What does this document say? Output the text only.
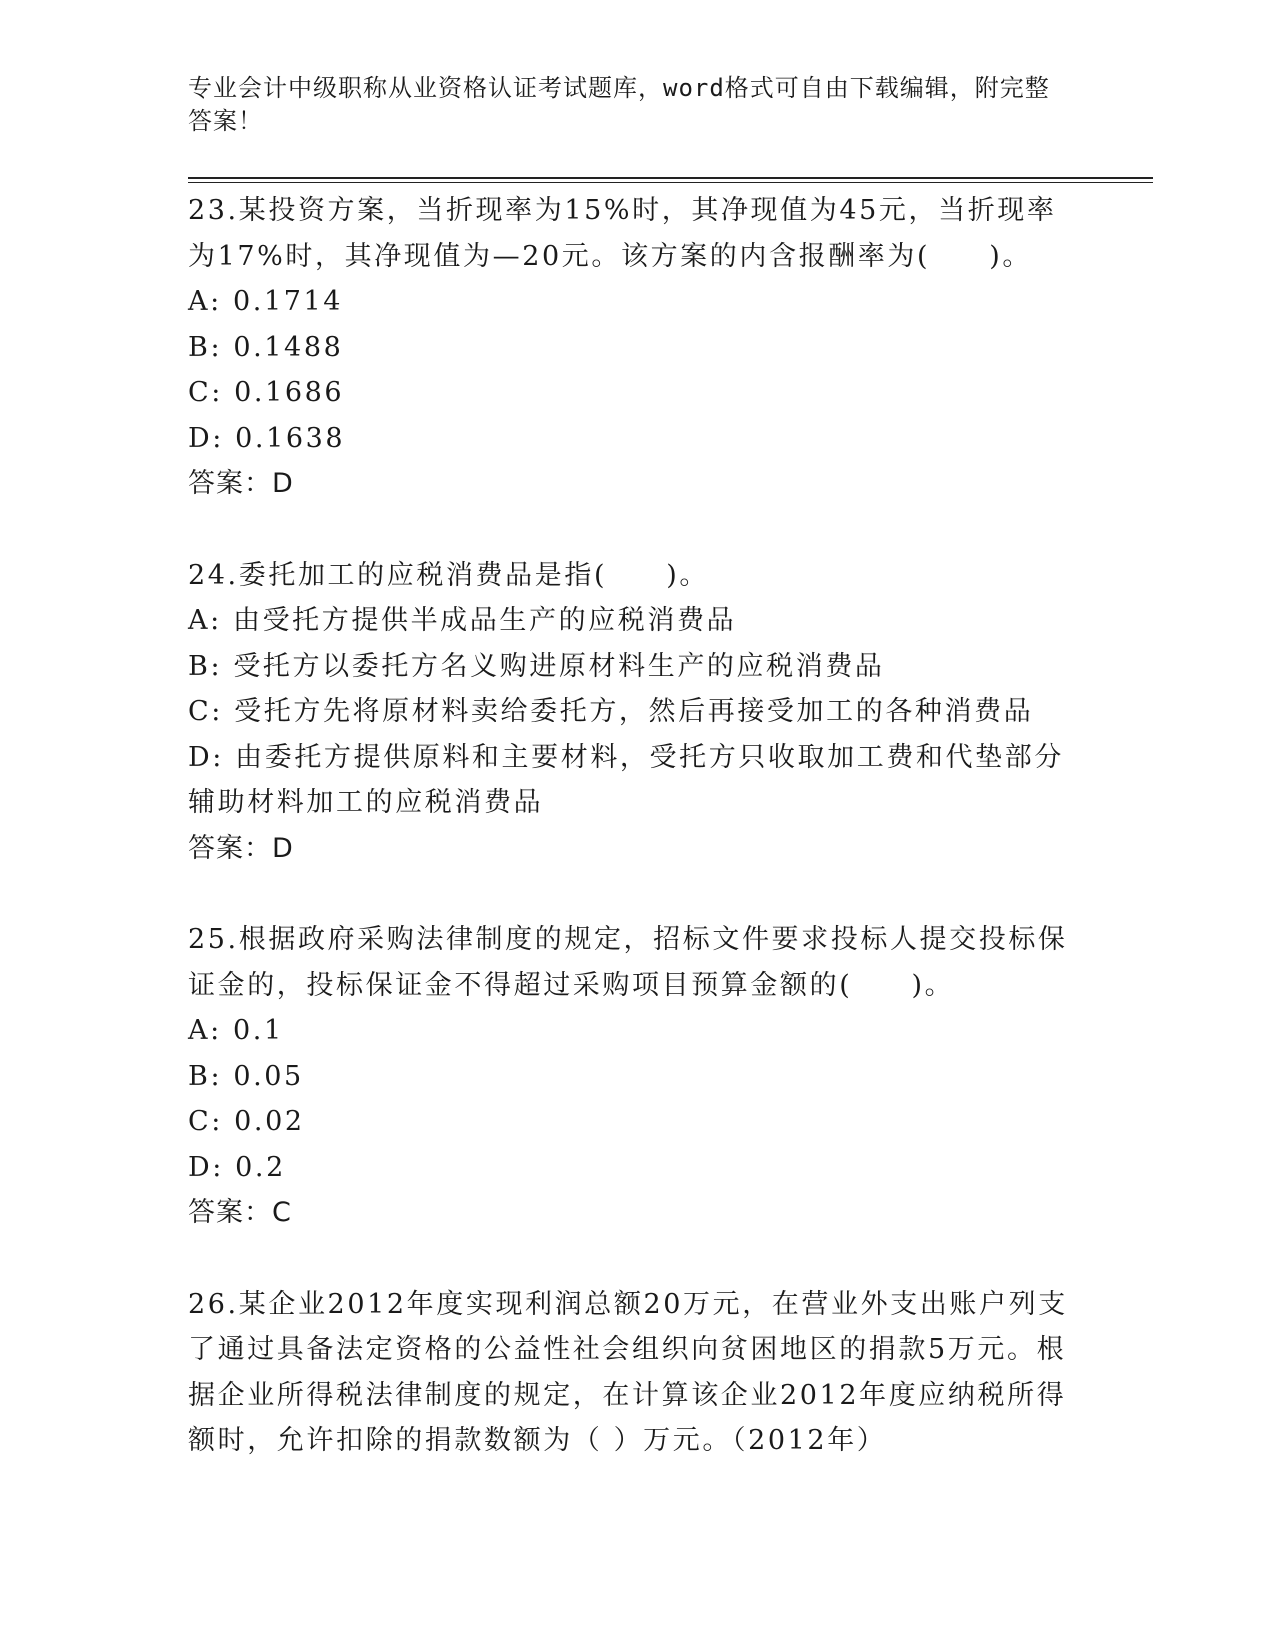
专业会计中级职称从业资格认证考试题库，word格式可自由下载编辑，附完整答案！

23.某投资方案，当折现率为15%时，其净现值为45元，当折现率为17%时，其净现值为—20元。该方案的内含报酬率为(　　)。

A: 0.1714

B: 0.1488

C: 0.1686

D: 0.1638

答案：D

24.委托加工的应税消费品是指(　　)。

A: 由受托方提供半成品生产的应税消费品

B: 受托方以委托方名义购进原材料生产的应税消费品

C: 受托方先将原材料卖给委托方，然后再接受加工的各种消费品

D: 由委托方提供原料和主要材料，受托方只收取加工费和代垫部分辅助材料加工的应税消费品

答案：D

25.根据政府采购法律制度的规定，招标文件要求投标人提交投标保证金的，投标保证金不得超过采购项目预算金额的(　　)。

A: 0.1

B: 0.05

C: 0.02

D: 0.2

答案：C

26.某企业2012年度实现利润总额20万元，在营业外支出账户列支了通过具备法定资格的公益性社会组织向贫困地区的捐款5万元。根据企业所得税法律制度的规定，在计算该企业2012年度应纳税所得额时，允许扣除的捐款数额为（ ）万元。（2012年）
